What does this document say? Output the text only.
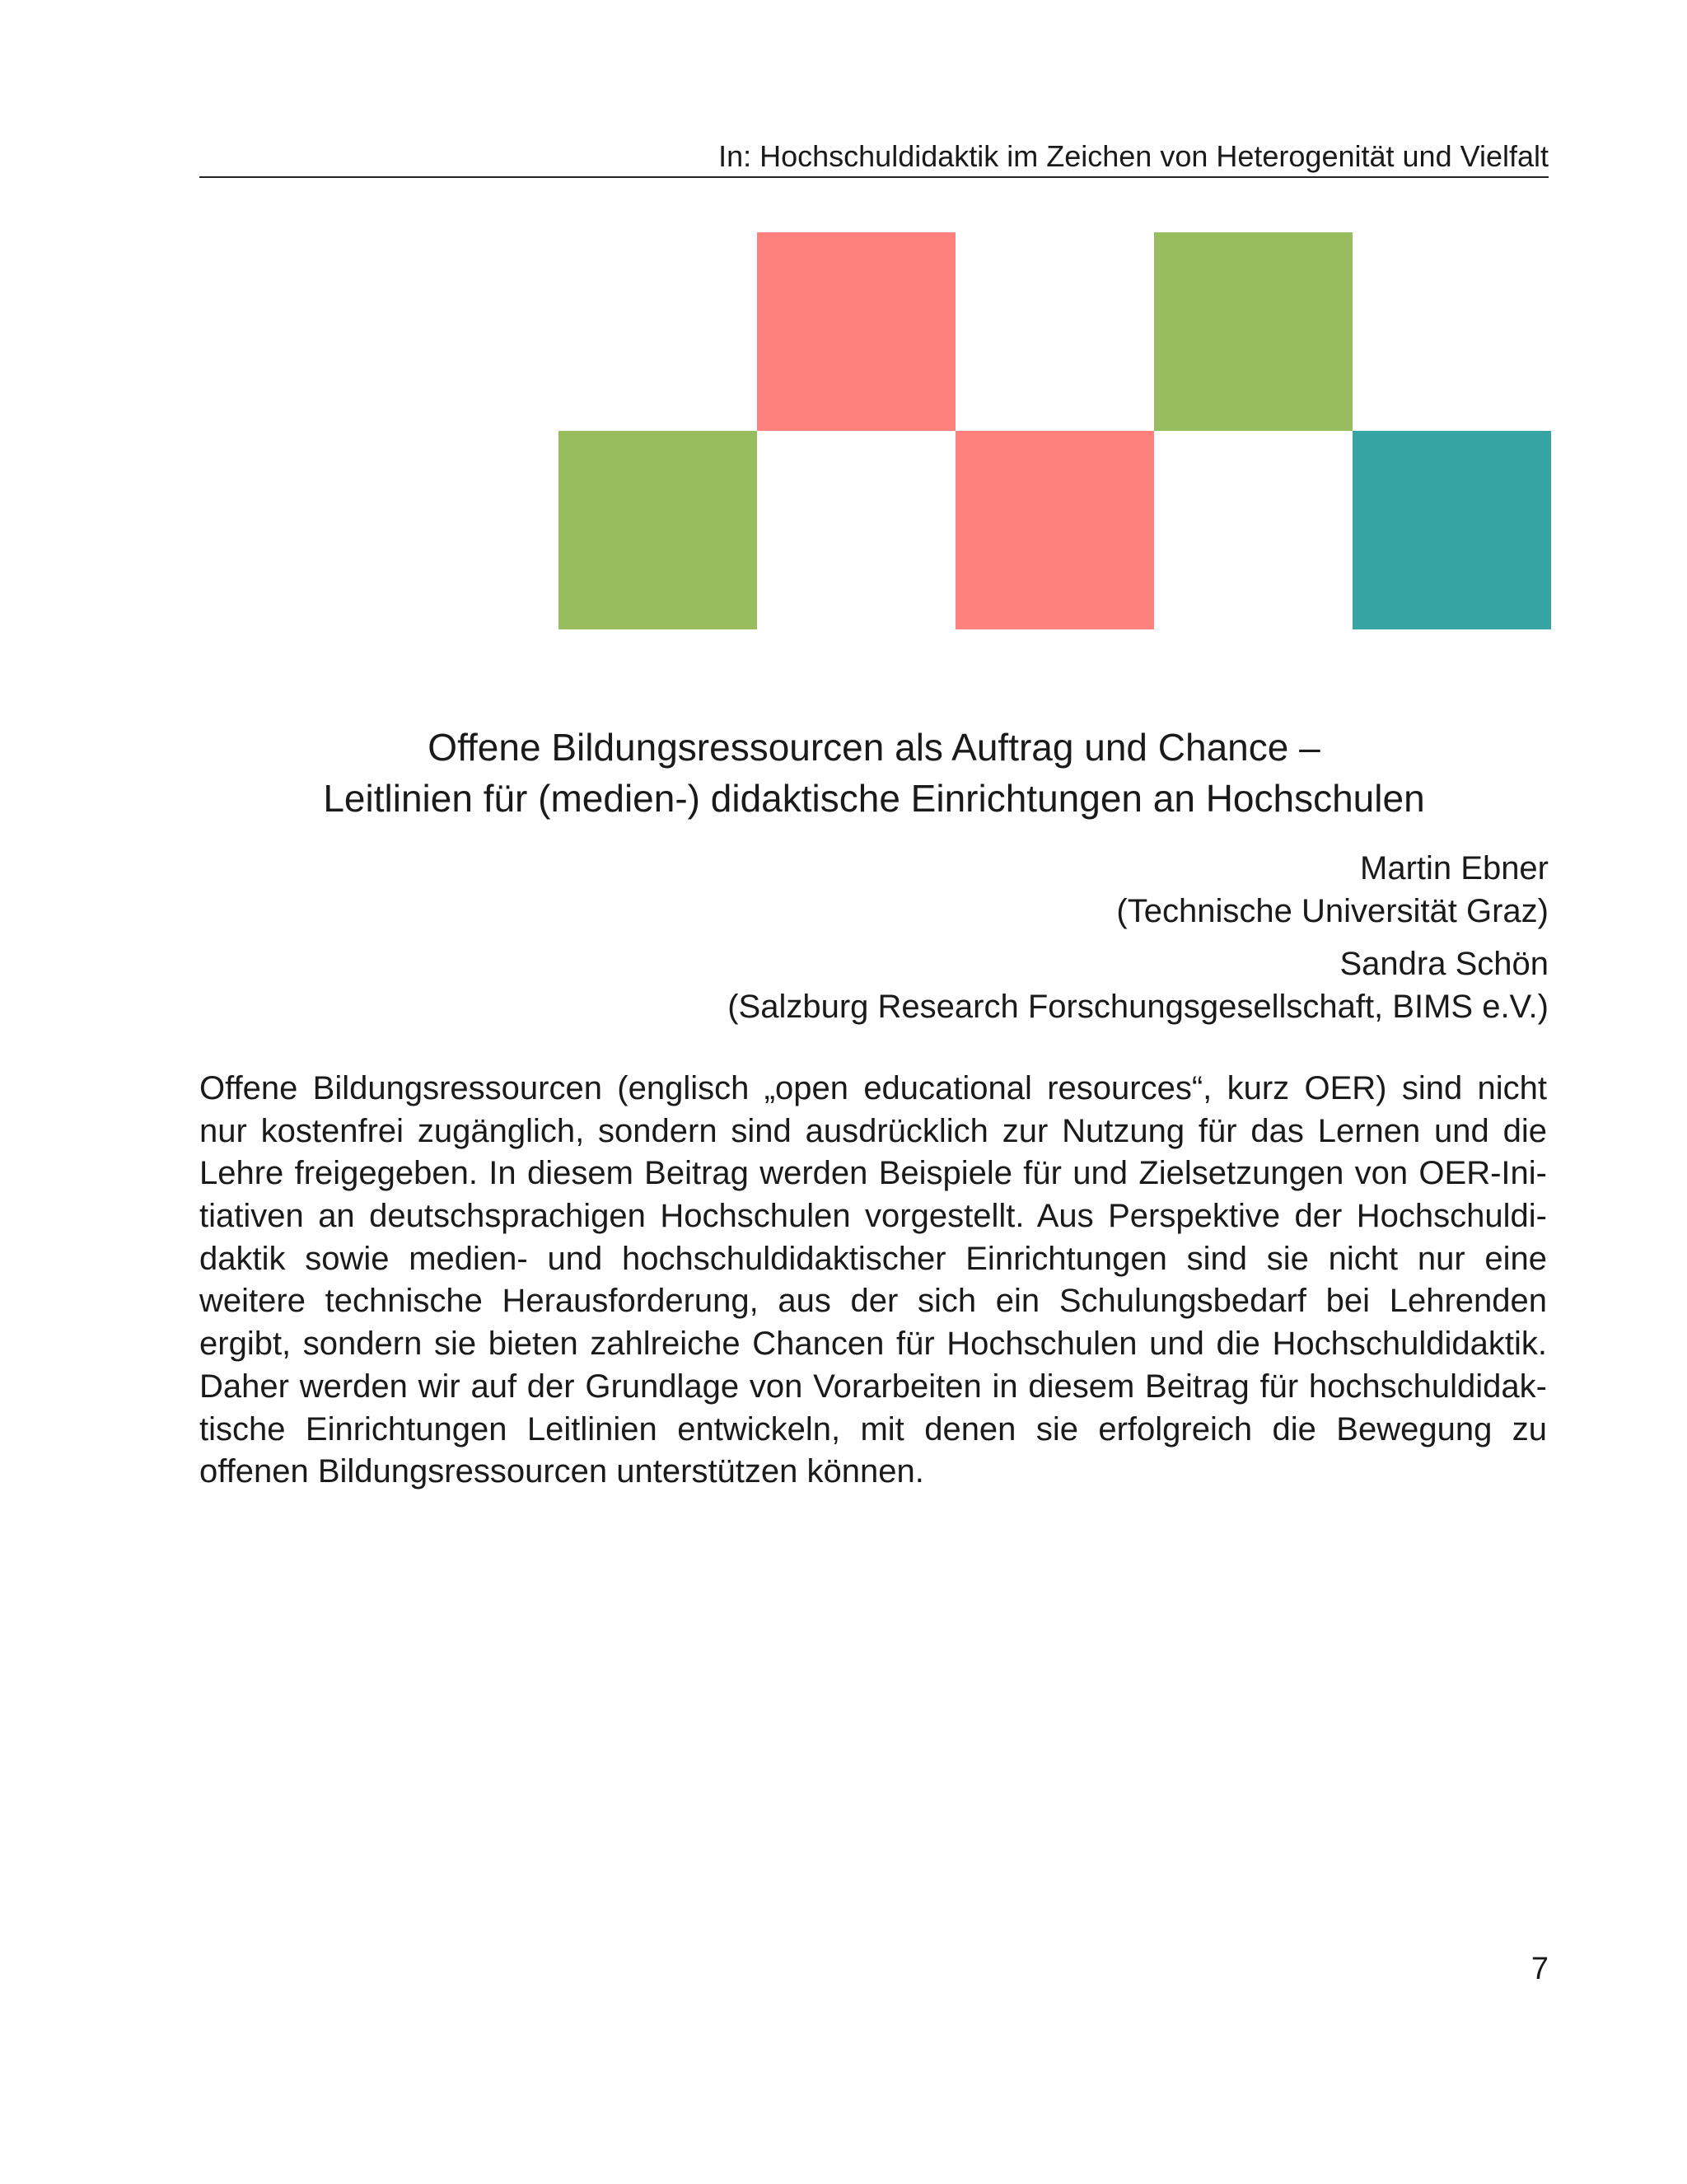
In: Hochschuldidaktik im Zeichen von Heterogenität und Vielfalt
Offene Bildungsressourcen als Auftrag und Chance –
Leitlinien für (medien-) didaktische Einrichtungen an Hochschulen
Martin Ebner
(Technische Universität Graz)
Sandra Schön
(Salzburg Research Forschungsgesellschaft, BIMS e.V.)
Offene Bildungsressourcen (englisch „open educational resources“, kurz OER) sind nicht
nur kostenfrei zugänglich, sondern sind ausdrücklich zur Nutzung für das Lernen und die
Lehre freigegeben. In diesem Beitrag werden Beispiele für und Zielsetzungen von OER-Ini-
tiativen an deutschsprachigen Hochschulen vorgestellt. Aus Perspektive der Hochschuldi-
daktik sowie medien- und hochschuldidaktischer Einrichtungen sind sie nicht nur eine
weitere technische Herausforderung, aus der sich ein Schulungsbedarf bei Lehrenden
ergibt, sondern sie bieten zahlreiche Chancen für Hochschulen und die Hochschuldidaktik.
Daher werden wir auf der Grundlage von Vorarbeiten in diesem Beitrag für hochschuldidak-
tische Einrichtungen Leitlinien entwickeln, mit denen sie erfolgreich die Bewegung zu
offenen Bildungsressourcen unterstützen können.
7
